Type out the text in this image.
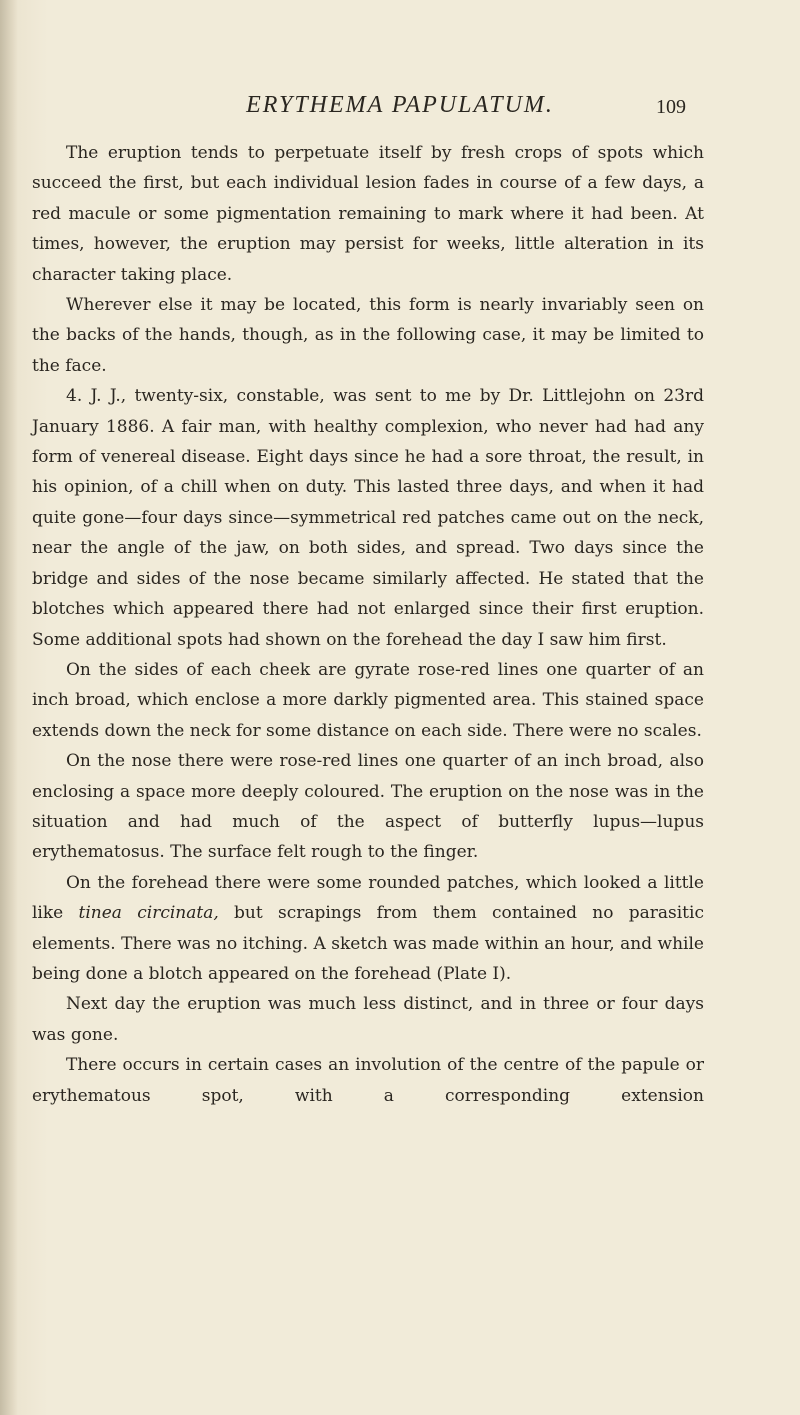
ERYTHEMA PAPULATUM.	109

The eruption tends to perpetuate itself by fresh crops of spots which succeed the first, but each individual lesion fades in course of a few days, a red macule or some pigmentation remaining to mark where it had been. At times, however, the eruption may persist for weeks, little alteration in its character taking place.

Wherever else it may be located, this form is nearly invariably seen on the backs of the hands, though, as in the following case, it may be limited to the face.

4. J. J., twenty-six, constable, was sent to me by Dr. Littlejohn on 23rd January 1886. A fair man, with healthy complexion, who never had had any form of venereal disease. Eight days since he had a sore throat, the result, in his opinion, of a chill when on duty. This lasted three days, and when it had quite gone—four days since—symmetrical red patches came out on the neck, near the angle of the jaw, on both sides, and spread. Two days since the bridge and sides of the nose became similarly affected. He stated that the blotches which appeared there had not enlarged since their first eruption. Some additional spots had shown on the forehead the day I saw him first.

On the sides of each cheek are gyrate rose-red lines one quarter of an inch broad, which enclose a more darkly pigmented area. This stained space extends down the neck for some distance on each side. There were no scales.

On the nose there were rose-red lines one quarter of an inch broad, also enclosing a space more deeply coloured. The eruption on the nose was in the situation and had much of the aspect of butterfly lupus—lupus erythematosus. The surface felt rough to the finger.

On the forehead there were some rounded patches, which looked a little like tinea circinata, but scrapings from them contained no parasitic elements. There was no itching. A sketch was made within an hour, and while being done a blotch appeared on the forehead (Plate I).

Next day the eruption was much less distinct, and in three or four days was gone.

There occurs in certain cases an involution of the centre of the papule or erythematous spot, with a corresponding extension
